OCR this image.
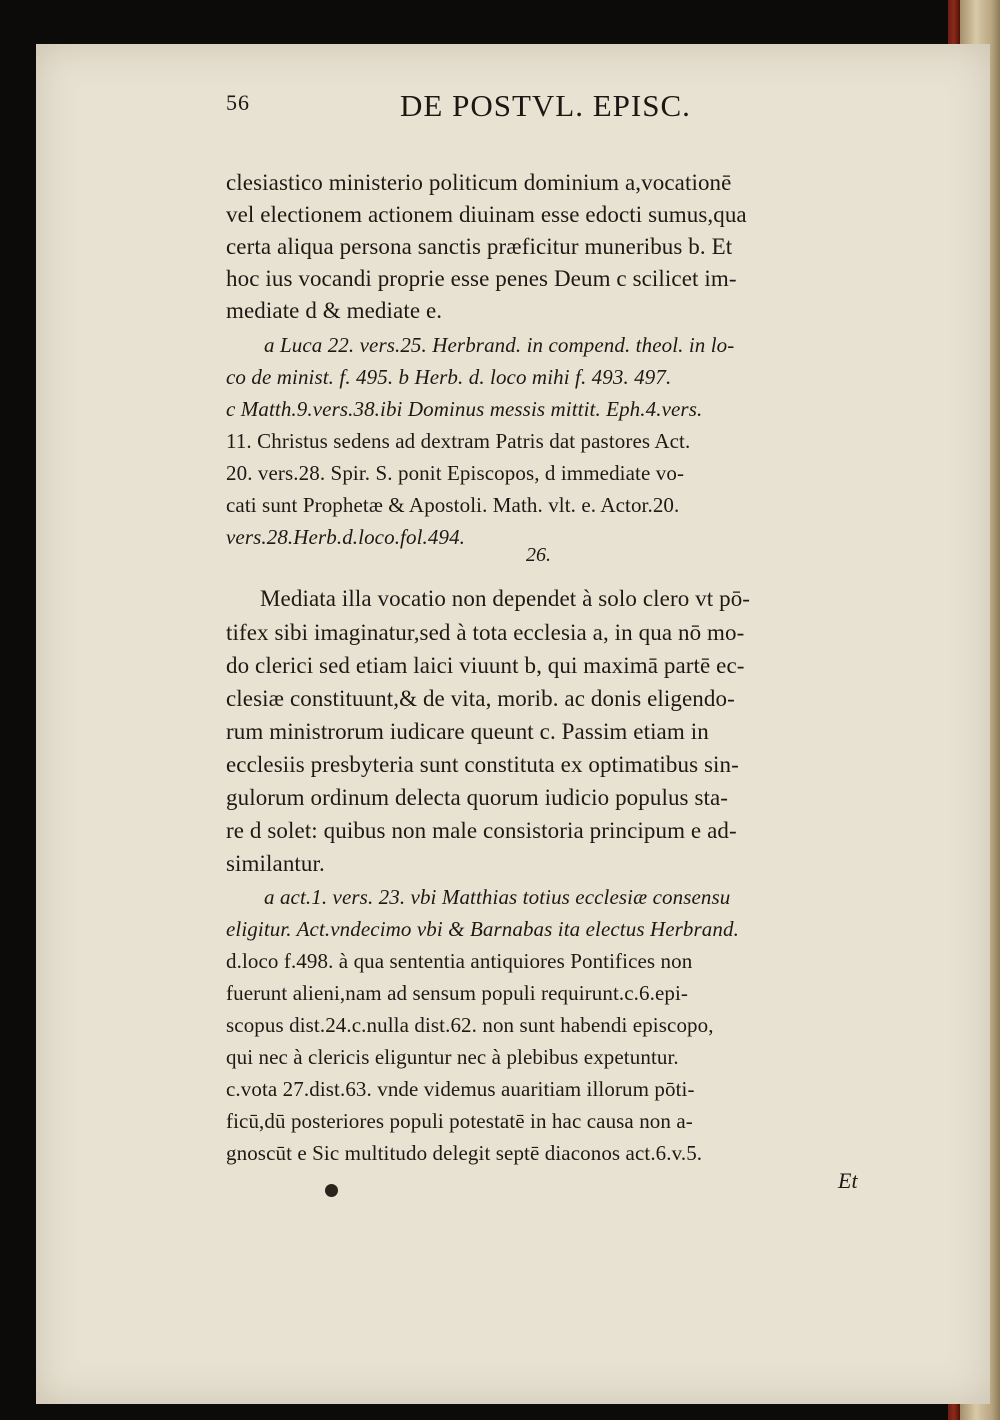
56	DE POSTVL. EPISC.
clesiastico ministerio politicum dominium a,vocationē
vel electionem actionem diuinam esse edocti sumus,qua
certa aliqua persona sanctis præficitur muneribus b. Et
hoc ius vocandi proprie esse penes Deum c scilicet im-
mediate d & mediate e.
a Luca 22. vers.25. Herbrand. in compend. theol. in lo-
co de minist. f. 495. b Herb. d. loco mihi f. 493. 497.
c Matth.9.vers.38.ibi Dominus messis mittit. Eph.4.vers.
11. Christus sedens ad dextram Patris dat pastores Act.
20. vers.28. Spir. S. ponit Episcopos, d immediate vo-
cati sunt Prophetæ & Apostoli. Math. vlt. e. Actor.20.
vers.28.Herb.d.loco.fol.494.
26.
Mediata illa vocatio non dependet à solo clero vt pō-
tifex sibi imaginatur,sed à tota ecclesia a, in qua nō mo-
do clerici sed etiam laici viuunt b, qui maximā partē ec-
clesiæ constituunt,& de vita, morib. ac donis eligendo-
rum ministrorum iudicare queunt c. Passim etiam in
ecclesiis presbyteria sunt constituta ex optimatibus sin-
gulorum ordinum delecta quorum iudicio populus sta-
re d solet: quibus non male consistoria principum e ad-
similantur.
a act.1. vers. 23. vbi Matthias totius ecclesiæ consensu
eligitur. Act.vndecimo vbi & Barnabas ita electus Herbrand.
d.loco f.498. à qua sententia antiquiores Pontifices non
fuerunt alieni,nam ad sensum populi requirunt.c.6.epi-
scopus dist.24.c.nulla dist.62. non sunt habendi episcopo,
qui nec à clericis eliguntur nec à plebibus expetuntur.
c.vota 27.dist.63. vnde videmus auaritiam illorum pōti-
ficū,dū posteriores populi potestatē in hac causa non a-
gnoscūt e Sic multitudo delegit septē diaconos act.6.v.5.
Et
